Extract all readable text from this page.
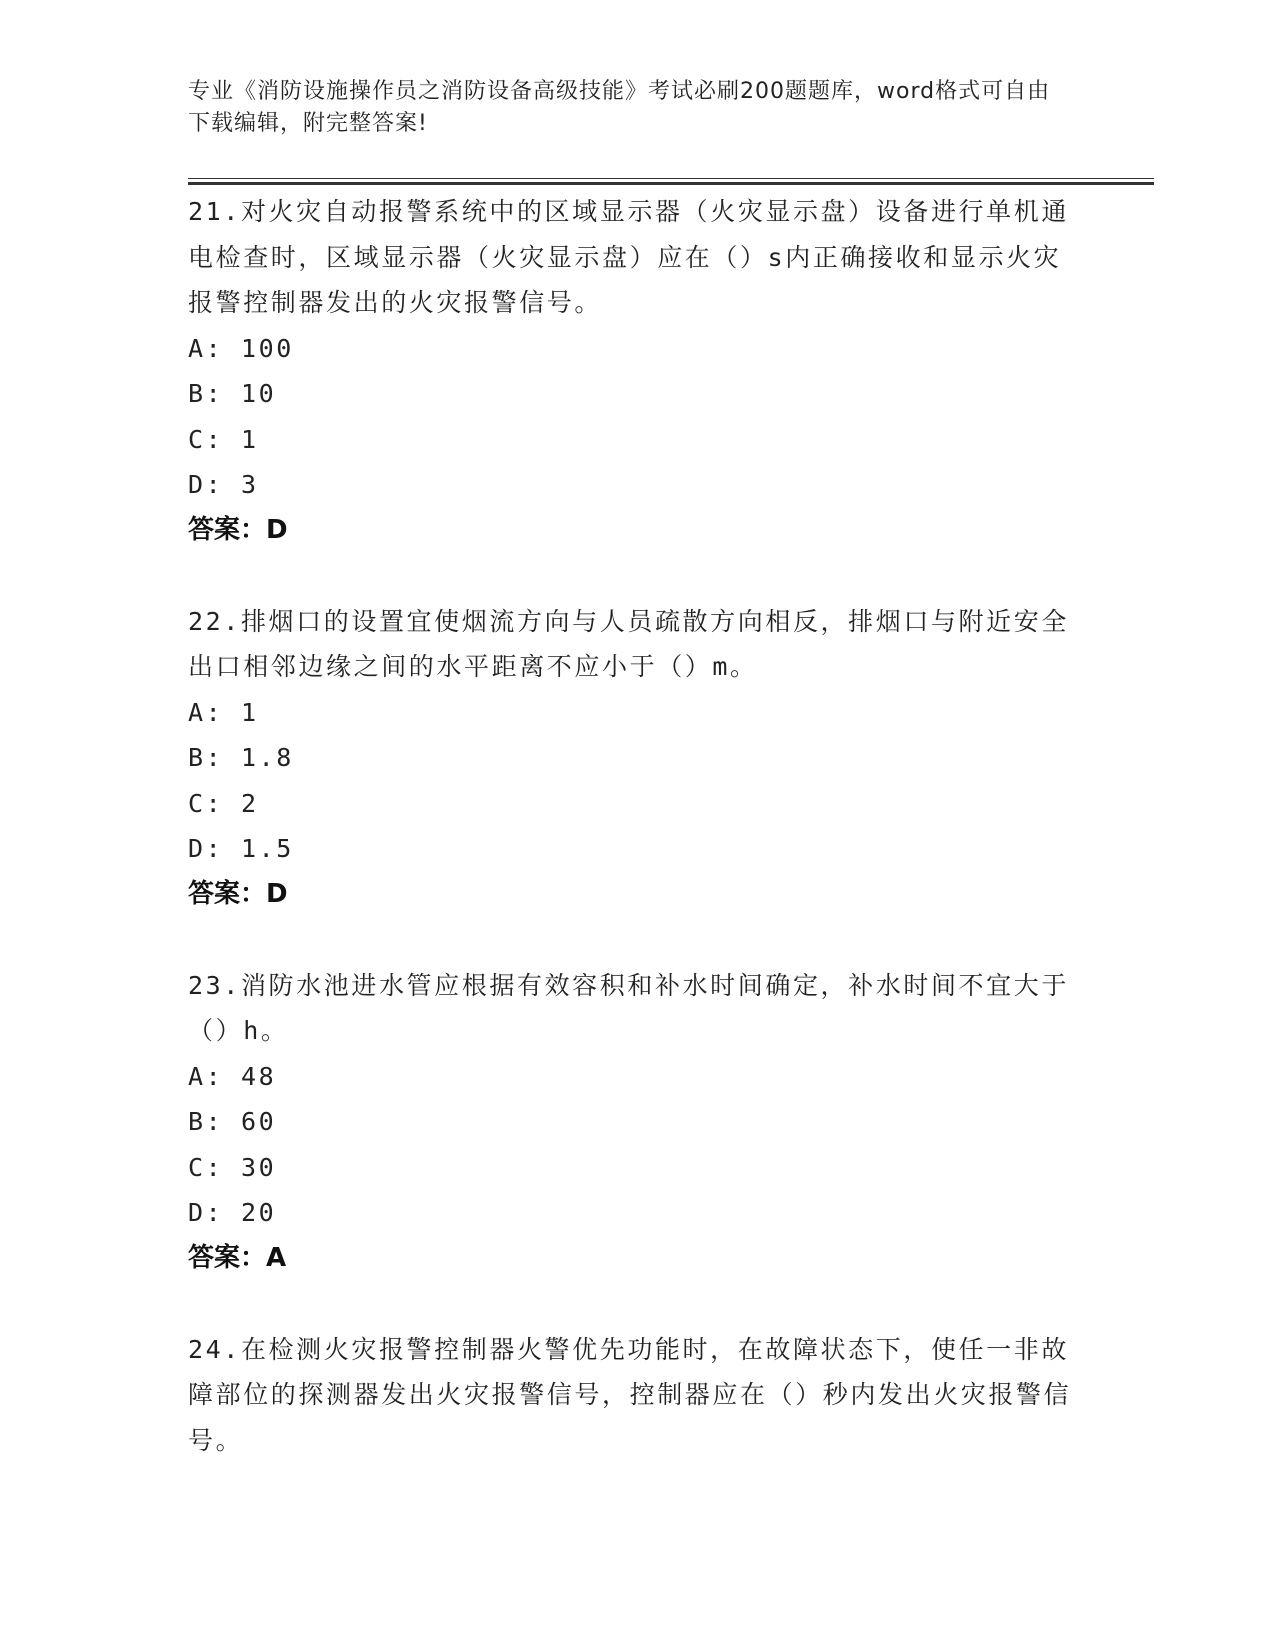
专业《消防设施操作员之消防设备高级技能》考试必刷200题题库，word格式可自由下载编辑，附完整答案!
21.对火灾自动报警系统中的区域显示器（火灾显示盘）设备进行单机通电检查时，区域显示器（火灾显示盘）应在（）s内正确接收和显示火灾报警控制器发出的火灾报警信号。
A: 100
B: 10
C: 1
D: 3
答案：D
22.排烟口的设置宜使烟流方向与人员疏散方向相反，排烟口与附近安全出口相邻边缘之间的水平距离不应小于（）m。
A: 1
B: 1.8
C: 2
D: 1.5
答案：D
23.消防水池进水管应根据有效容积和补水时间确定，补水时间不宜大于（）h。
A: 48
B: 60
C: 30
D: 20
答案：A
24.在检测火灾报警控制器火警优先功能时，在故障状态下，使任一非故障部位的探测器发出火灾报警信号，控制器应在（）秒内发出火灾报警信号。
